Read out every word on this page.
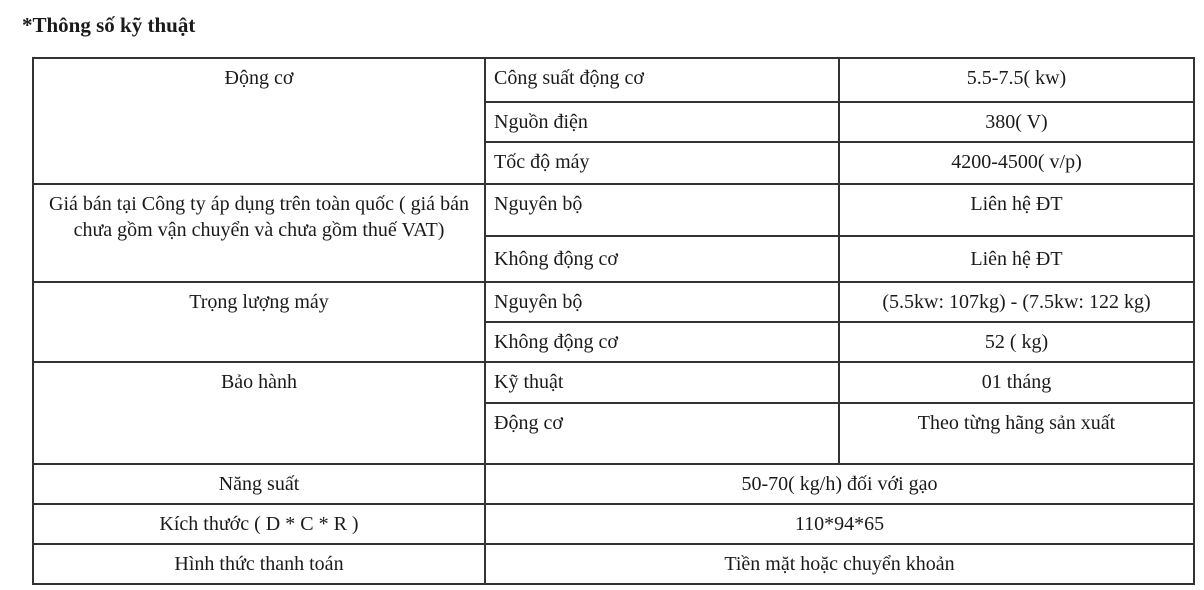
*Thông số kỹ thuật
Động cơ	Công suất động cơ	5.5-7.5( kw)
	Nguồn điện	380( V)
	Tốc độ máy	4200-4500( v/p)
Giá bán tại Công ty áp dụng trên toàn quốc ( giá bán chưa gồm vận chuyển và chưa gồm thuế VAT)	Nguyên bộ	Liên hệ ĐT
	Không động cơ	Liên hệ ĐT
Trọng lượng máy	Nguyên bộ	(5.5kw: 107kg) - (7.5kw: 122 kg)
	Không động cơ	52 ( kg)
Bảo hành	Kỹ thuật	01 tháng
	Động cơ	Theo từng hãng sản xuất
Năng suất	50-70( kg/h) đối với gạo	
Kích thước ( D * C * R )	110*94*65	
Hình thức thanh toán	Tiền mặt hoặc chuyển khoản	
